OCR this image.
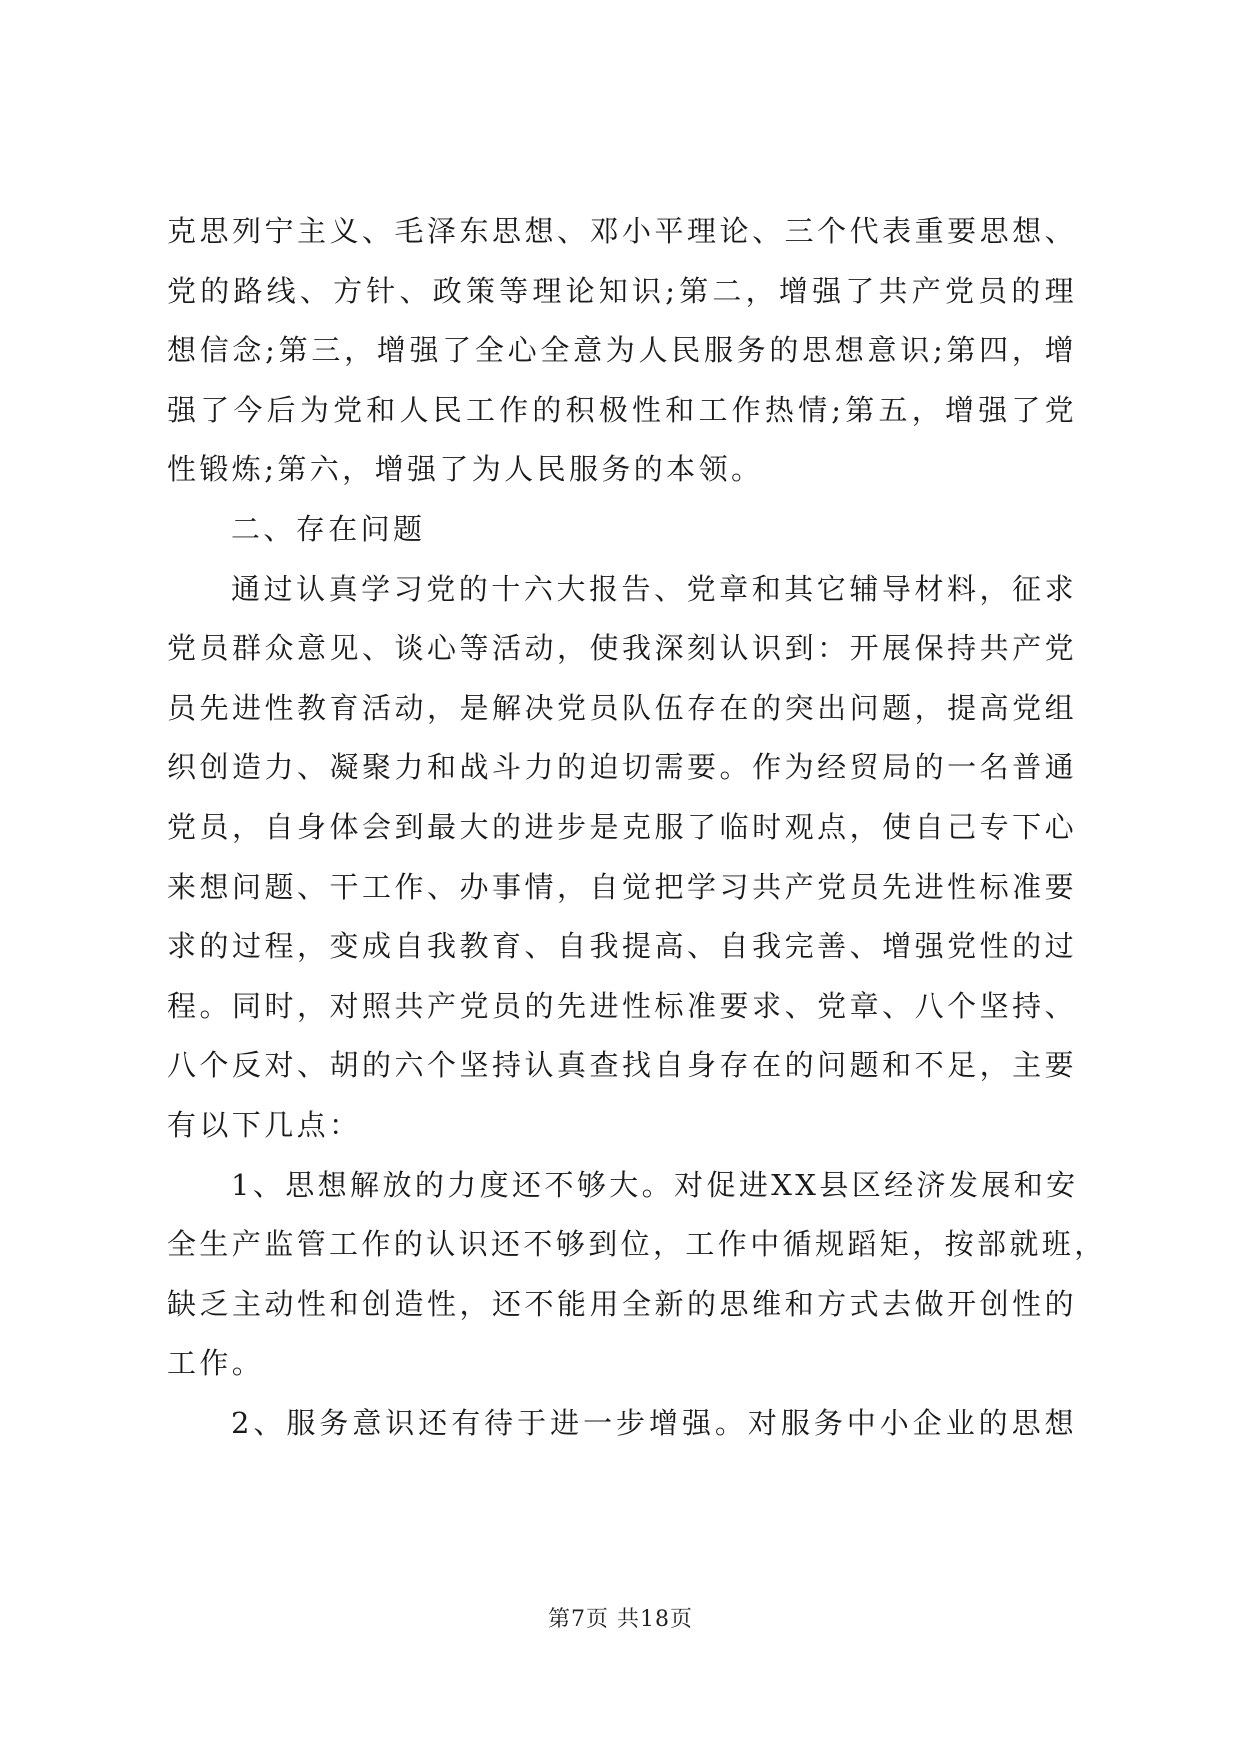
克思列宁主义、毛泽东思想、邓小平理论、三个代表重要思想、
党的路线、方针、政策等理论知识;第二，增强了共产党员的理
想信念;第三，增强了全心全意为人民服务的思想意识;第四，增
强了今后为党和人民工作的积极性和工作热情;第五，增强了党
性锻炼;第六，增强了为人民服务的本领。
二、存在问题
通过认真学习党的十六大报告、党章和其它辅导材料，征求
党员群众意见、谈心等活动，使我深刻认识到：开展保持共产党
员先进性教育活动，是解决党员队伍存在的突出问题，提高党组
织创造力、凝聚力和战斗力的迫切需要。作为经贸局的一名普通
党员，自身体会到最大的进步是克服了临时观点，使自己专下心
来想问题、干工作、办事情，自觉把学习共产党员先进性标准要
求的过程，变成自我教育、自我提高、自我完善、增强党性的过
程。同时，对照共产党员的先进性标准要求、党章、八个坚持、
八个反对、胡的六个坚持认真查找自身存在的问题和不足，主要
有以下几点：
1、思想解放的力度还不够大。对促进XX县区经济发展和安
全生产监管工作的认识还不够到位，工作中循规蹈矩，按部就班，
缺乏主动性和创造性，还不能用全新的思维和方式去做开创性的
工作。
2、服务意识还有待于进一步增强。对服务中小企业的思想
第7页 共18页
